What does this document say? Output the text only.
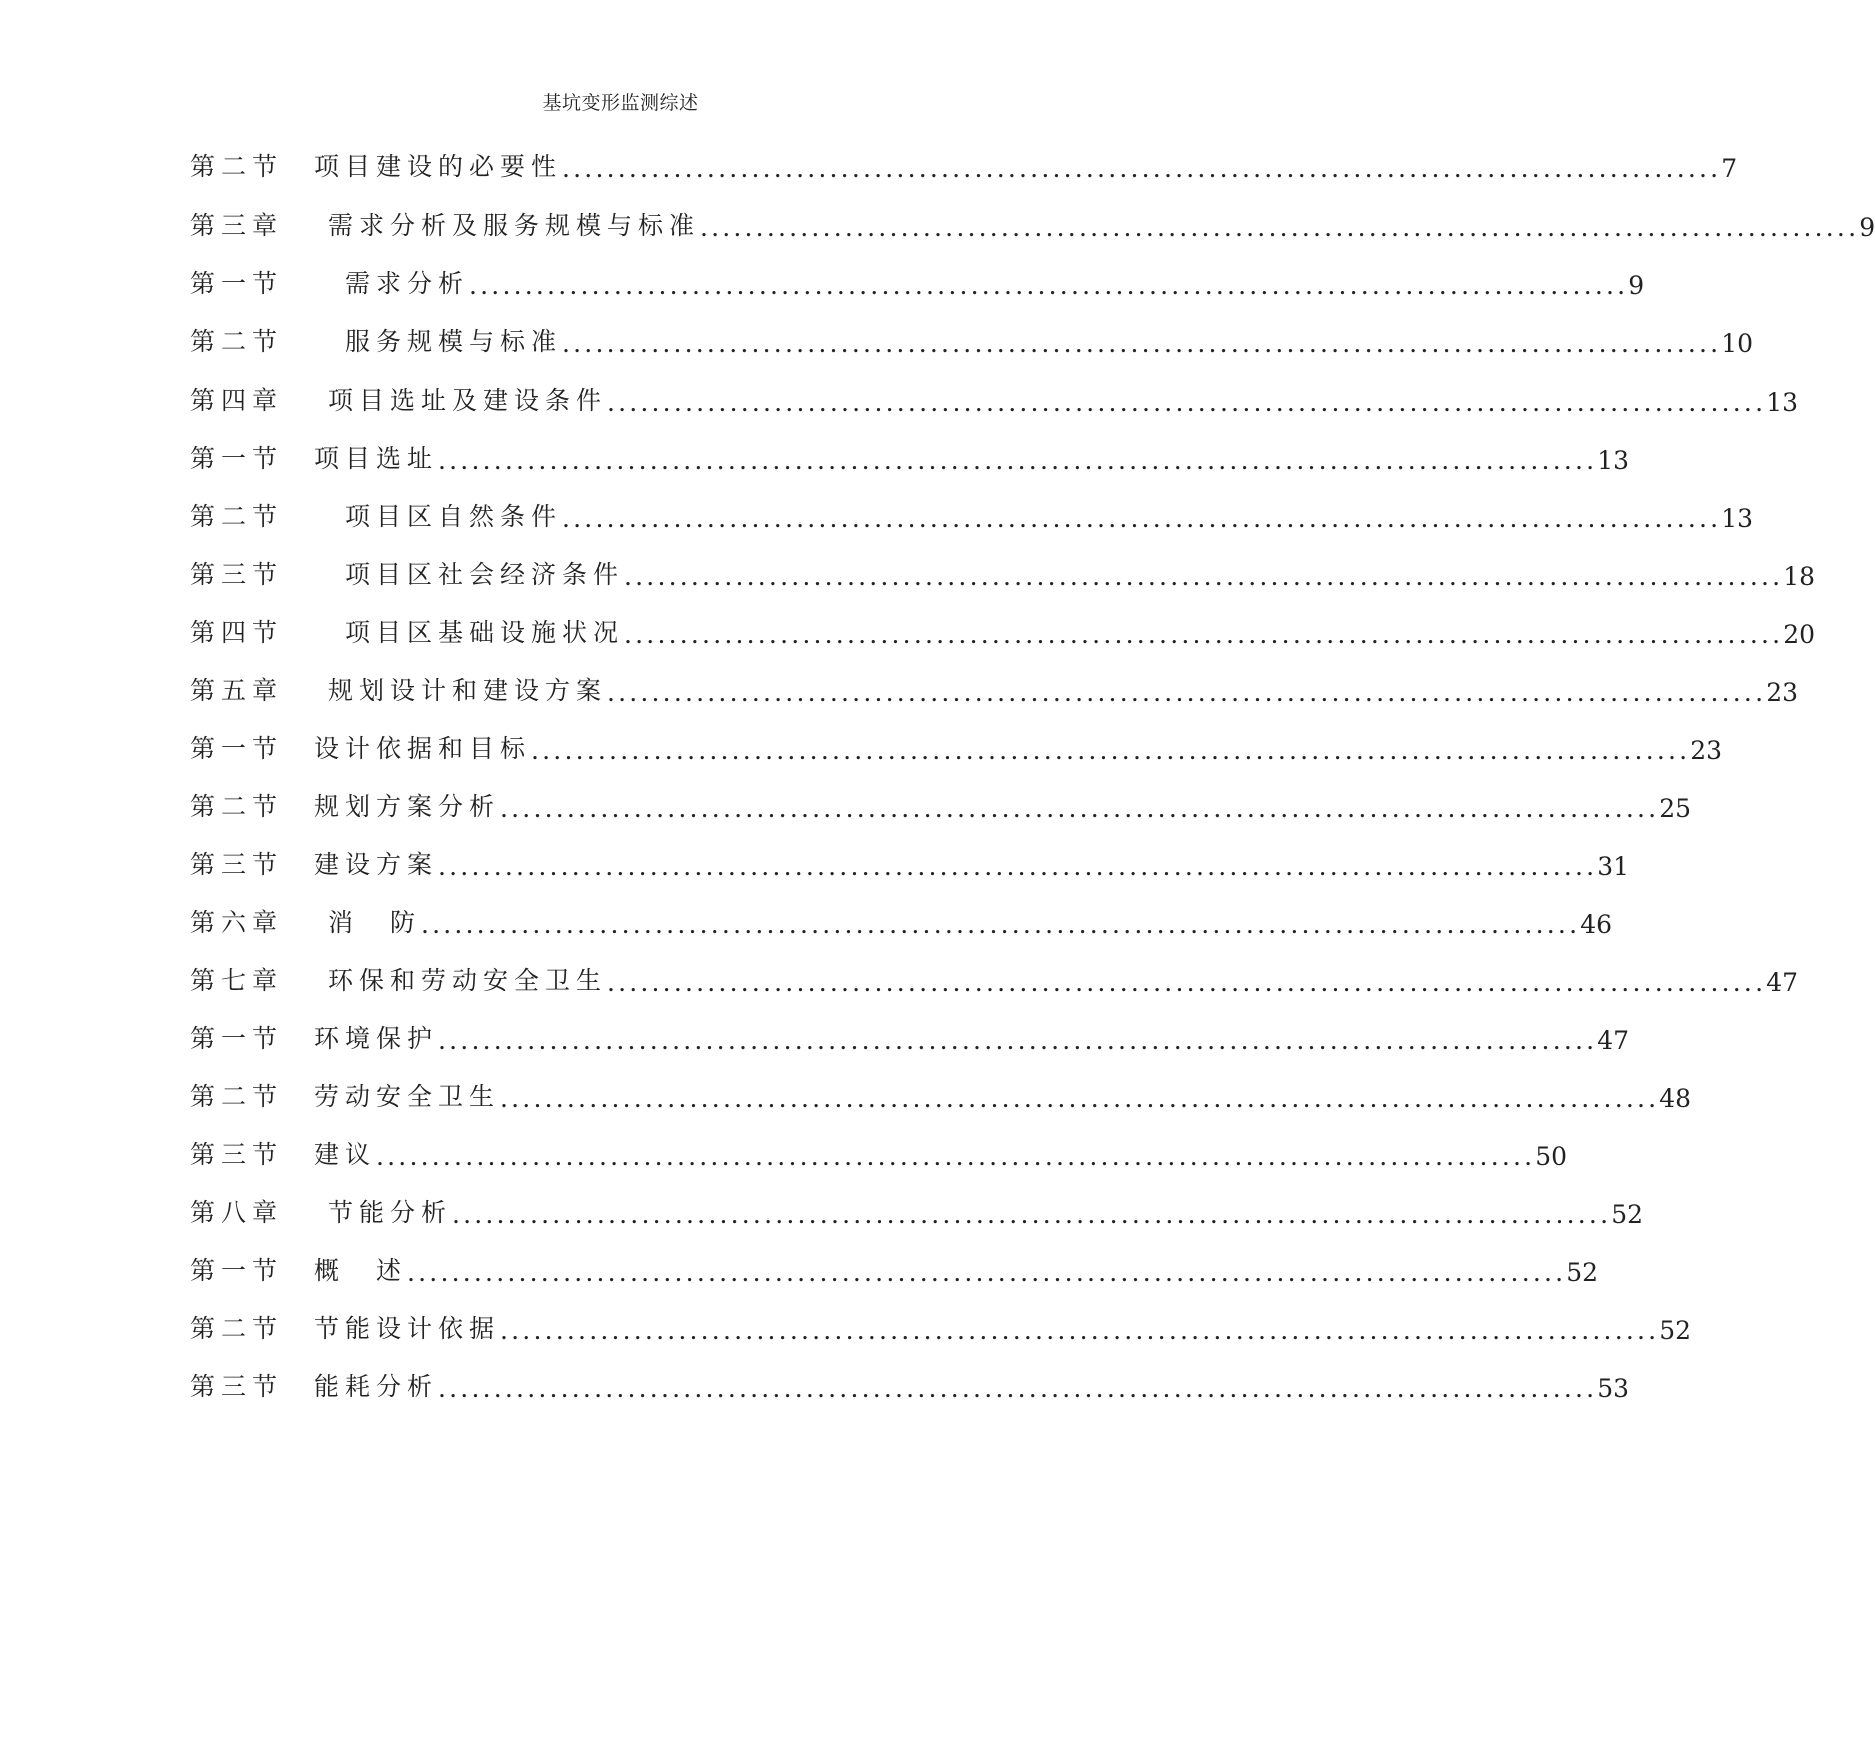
基坑变形监测综述
第二节　项目建设的必要性 ........................................................................................................ 7
第三章　 需求分析及服务规模与标准 ........................................................................................................ 9
第一节　　需求分析 ........................................................................................................ 9
第二节　　服务规模与标准 ........................................................................................................ 10
第四章　 项目选址及建设条件 ........................................................................................................ 13
第一节　项目选址 ........................................................................................................ 13
第二节　　项目区自然条件 ........................................................................................................ 13
第三节　　项目区社会经济条件 ........................................................................................................ 18
第四节　　项目区基础设施状况 ........................................................................................................ 20
第五章　 规划设计和建设方案 ........................................................................................................ 23
第一节　设计依据和目标 ........................................................................................................ 23
第二节　规划方案分析 ........................................................................................................ 25
第三节　建设方案 ........................................................................................................ 31
第六章　 消　防 ........................................................................................................ 46
第七章　 环保和劳动安全卫生 ........................................................................................................ 47
第一节　环境保护 ........................................................................................................ 47
第二节　劳动安全卫生 ........................................................................................................ 48
第三节　建议 ........................................................................................................ 50
第八章　 节能分析 ........................................................................................................ 52
第一节　概　述 ........................................................................................................ 52
第二节　节能设计依据 ........................................................................................................ 52
第三节　能耗分析 ........................................................................................................ 53
